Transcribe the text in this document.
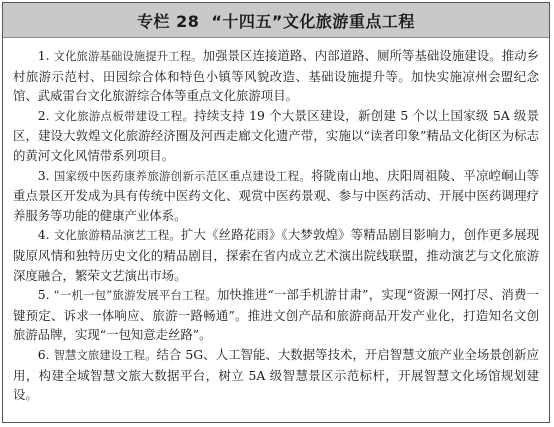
专栏 28 “十四五”文化旅游重点工程

1. 文化旅游基础设施提升工程。加强景区连接道路、内部道路、厕所等基础设施建设。推动乡村旅游示范村、田园综合体和特色小镇等风貌改造、基础设施提升等。加快实施凉州会盟纪念馆、武威雷台文化旅游综合体等重点文化旅游项目。

2. 文化旅游点板带建设工程。持续支持 19 个大景区建设，新创建 5 个以上国家级 5A 级景区，建设大敦煌文化旅游经济圈及河西走廊文化遗产带，实施以“读者印象”精品文化街区为标志的黄河文化风情带系列项目。

3. 国家级中医药康养旅游创新示范区重点建设工程。将陇南山地、庆阳周祖陵、平凉崆峒山等重点景区开发成为具有传统中医药文化、观赏中医药景观、参与中医药活动、开展中医药调理疗养服务等功能的健康产业体系。

4. 文化旅游精品演艺工程。扩大《丝路花雨》《大梦敦煌》等精品剧目影响力，创作更多展现陇原风情和独特历史文化的精品剧目，探索在省内成立艺术演出院线联盟，推动演艺与文化旅游深度融合，繁荣文艺演出市场。

5. “一机一包”旅游发展平台工程。加快推进“一部手机游甘肃”，实现“资源一网打尽、消费一键预定、诉求一体响应、旅游一路畅通”。推进文创产品和旅游商品开发产业化，打造知名文创旅游品牌，实现“一包知意走丝路”。

6. 智慧文旅建设工程。结合 5G、人工智能、大数据等技术，开启智慧文旅产业全场景创新应用，构建全域智慧文旅大数据平台，树立 5A 级智慧景区示范标杆，开展智慧文化场馆规划建设。
